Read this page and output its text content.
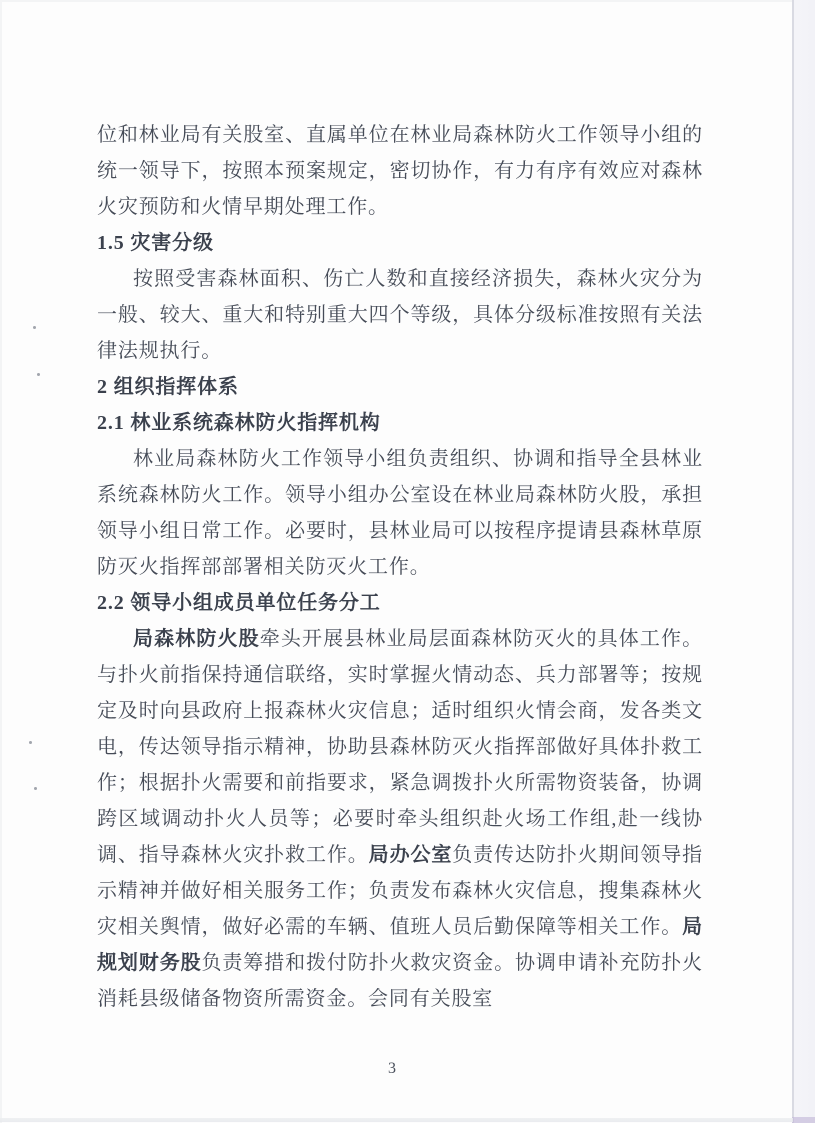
位和林业局有关股室、直属单位在林业局森林防火工作领导小组的统一领导下，按照本预案规定，密切协作，有力有序有效应对森林火灾预防和火情早期处理工作。

1.5 灾害分级

按照受害森林面积、伤亡人数和直接经济损失，森林火灾分为一般、较大、重大和特别重大四个等级，具体分级标准按照有关法律法规执行。

2 组织指挥体系

2.1 林业系统森林防火指挥机构

林业局森林防火工作领导小组负责组织、协调和指导全县林业系统森林防火工作。领导小组办公室设在林业局森林防火股，承担领导小组日常工作。必要时，县林业局可以按程序提请县森林草原防灭火指挥部部署相关防灭火工作。

2.2 领导小组成员单位任务分工

局森林防火股牵头开展县林业局层面森林防灭火的具体工作。与扑火前指保持通信联络，实时掌握火情动态、兵力部署等；按规定及时向县政府上报森林火灾信息；适时组织火情会商，发各类文电，传达领导指示精神，协助县森林防灭火指挥部做好具体扑救工作；根据扑火需要和前指要求，紧急调拨扑火所需物资装备，协调跨区域调动扑火人员等；必要时牵头组织赴火场工作组,赴一线协调、指导森林火灾扑救工作。局办公室负责传达防扑火期间领导指示精神并做好相关服务工作；负责发布森林火灾信息，搜集森林火灾相关舆情，做好必需的车辆、值班人员后勤保障等相关工作。局规划财务股负责筹措和拨付防扑火救灾资金。协调申请补充防扑火消耗县级储备物资所需资金。会同有关股室

3
